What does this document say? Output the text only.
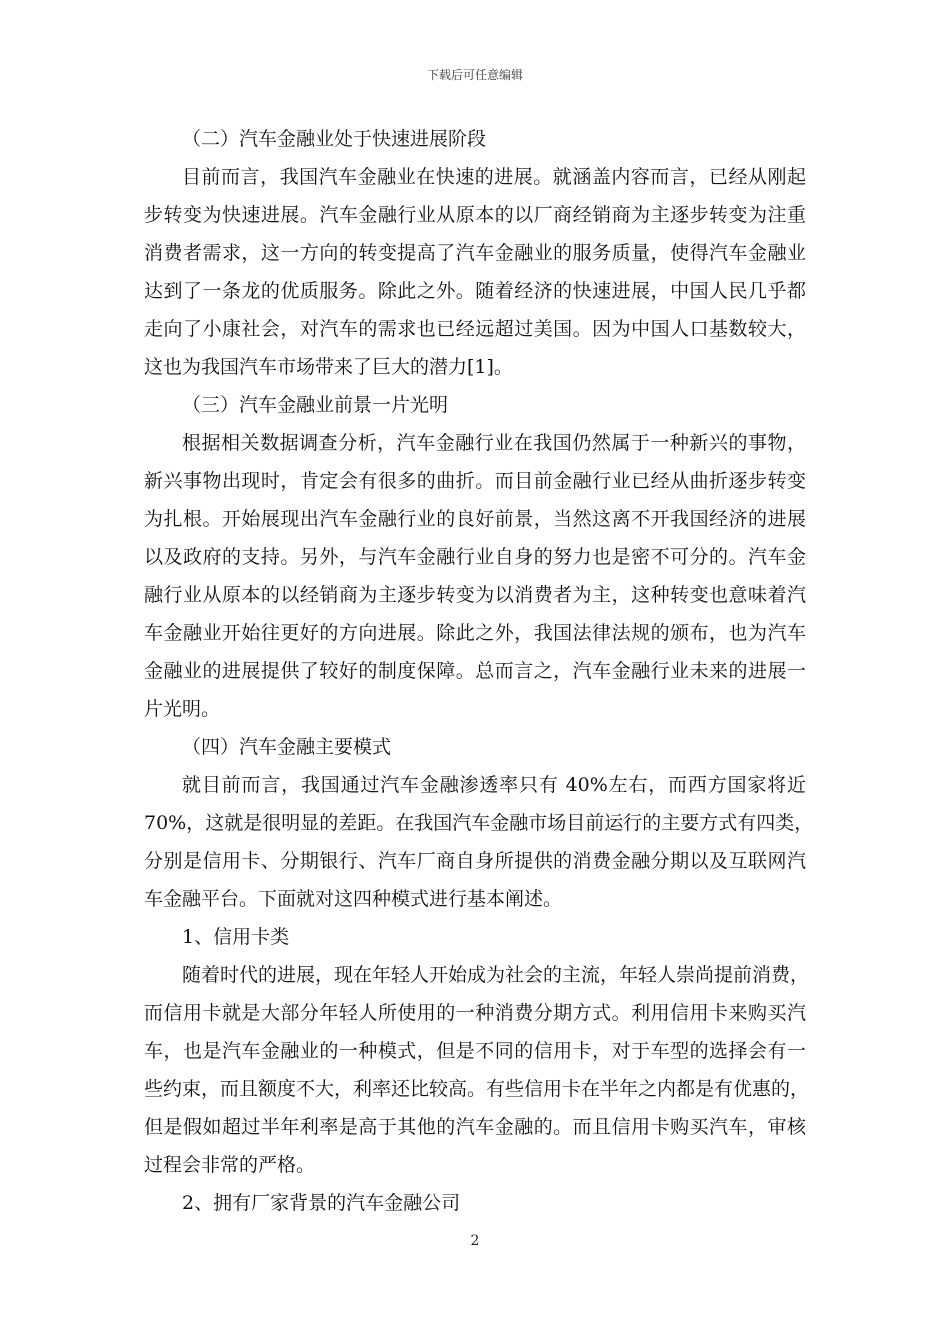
下载后可任意编辑
（二）汽车金融业处于快速进展阶段
目前而言，我国汽车金融业在快速的进展。就涵盖内容而言，已经从刚起
步转变为快速进展。汽车金融行业从原本的以厂商经销商为主逐步转变为注重
消费者需求，这一方向的转变提高了汽车金融业的服务质量，使得汽车金融业
达到了一条龙的优质服务。除此之外。随着经济的快速进展，中国人民几乎都
走向了小康社会，对汽车的需求也已经远超过美国。因为中国人口基数较大，
这也为我国汽车市场带来了巨大的潜力[1]。
（三）汽车金融业前景一片光明
根据相关数据调查分析，汽车金融行业在我国仍然属于一种新兴的事物，
新兴事物出现时，肯定会有很多的曲折。而目前金融行业已经从曲折逐步转变
为扎根。开始展现出汽车金融行业的良好前景，当然这离不开我国经济的进展
以及政府的支持。另外，与汽车金融行业自身的努力也是密不可分的。汽车金
融行业从原本的以经销商为主逐步转变为以消费者为主，这种转变也意味着汽
车金融业开始往更好的方向进展。除此之外，我国法律法规的颁布，也为汽车
金融业的进展提供了较好的制度保障。总而言之，汽车金融行业未来的进展一
片光明。
（四）汽车金融主要模式
就目前而言，我国通过汽车金融渗透率只有 40%左右，而西方国家将近
70%，这就是很明显的差距。在我国汽车金融市场目前运行的主要方式有四类，
分别是信用卡、分期银行、汽车厂商自身所提供的消费金融分期以及互联网汽
车金融平台。下面就对这四种模式进行基本阐述。
1、信用卡类
随着时代的进展，现在年轻人开始成为社会的主流，年轻人崇尚提前消费，
而信用卡就是大部分年轻人所使用的一种消费分期方式。利用信用卡来购买汽
车，也是汽车金融业的一种模式，但是不同的信用卡，对于车型的选择会有一
些约束，而且额度不大，利率还比较高。有些信用卡在半年之内都是有优惠的，
但是假如超过半年利率是高于其他的汽车金融的。而且信用卡购买汽车，审核
过程会非常的严格。
2、拥有厂家背景的汽车金融公司
2
